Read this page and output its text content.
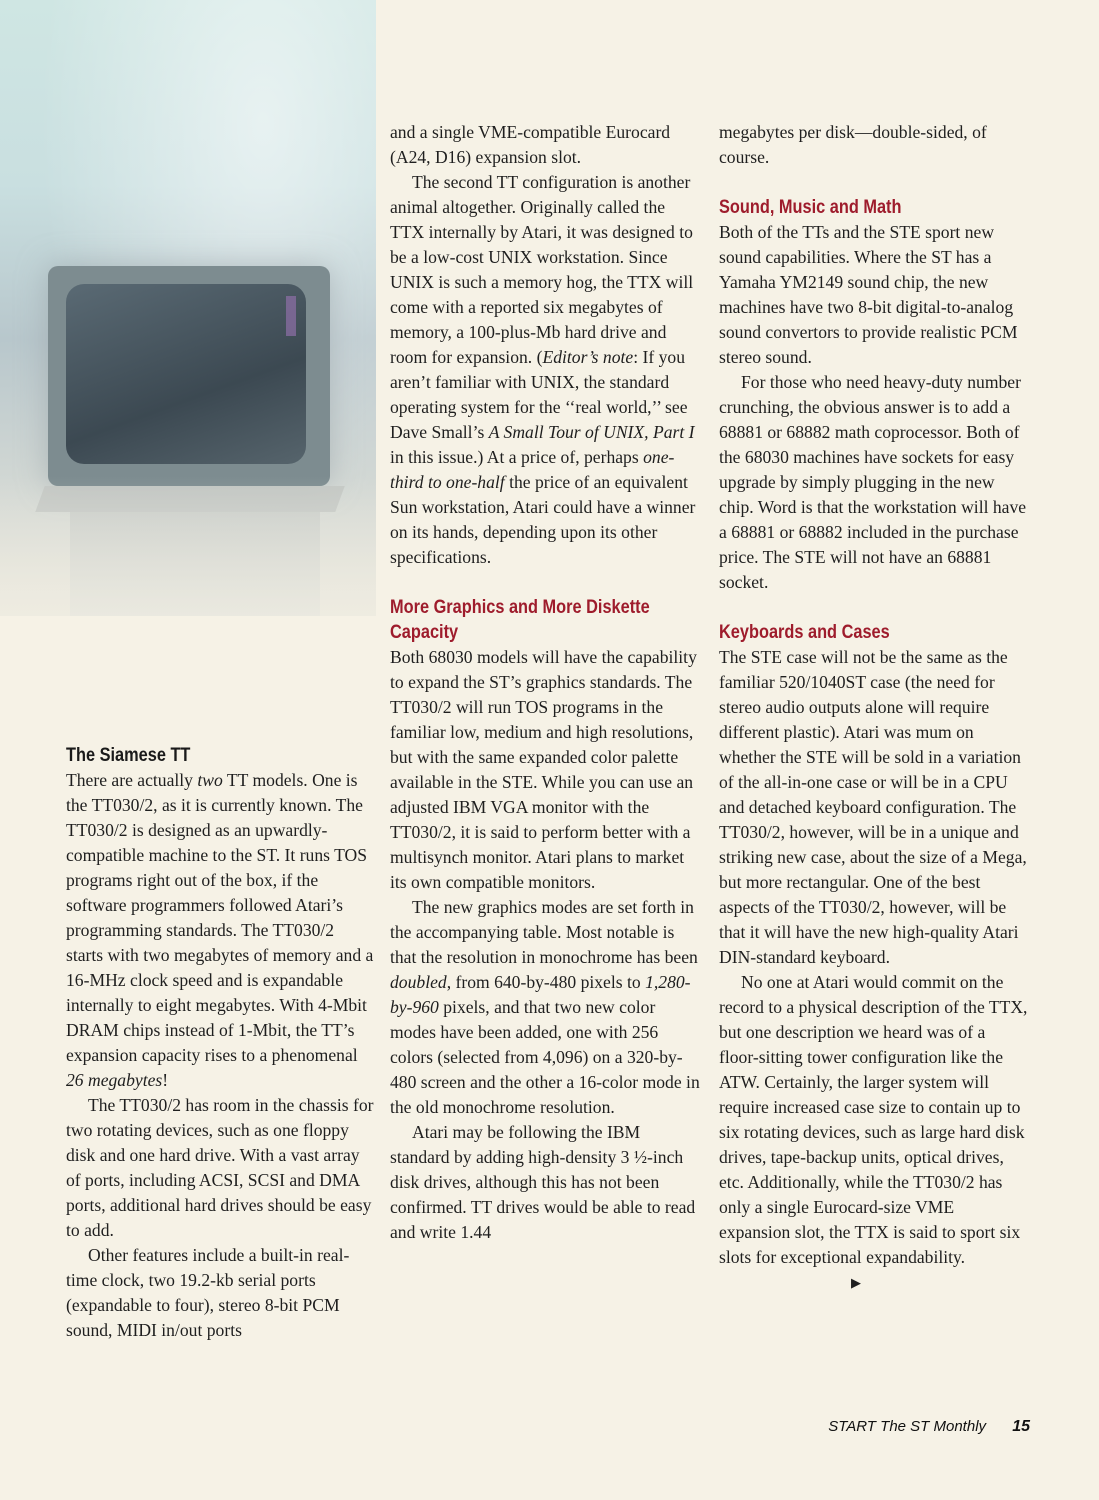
The Siamese TT

There are actually two TT models. One is the TT030/2, as it is currently known. The TT030/2 is designed as an upwardly-compatible machine to the ST. It runs TOS programs right out of the box, if the software programmers followed Atari’s programming standards. The TT030/2 starts with two megabytes of memory and a 16-MHz clock speed and is expandable internally to eight megabytes. With 4-Mbit DRAM chips instead of 1-Mbit, the TT’s expansion capacity rises to a phenomenal 26 megabytes!

The TT030/2 has room in the chassis for two rotating devices, such as one floppy disk and one hard drive. With a vast array of ports, including ACSI, SCSI and DMA ports, additional hard drives should be easy to add.

Other features include a built-in real-time clock, two 19.2-kb serial ports (expandable to four), stereo 8-bit PCM sound, MIDI in/out ports

and a single VME-compatible Eurocard (A24, D16) expansion slot.

The second TT configuration is another animal altogether. Originally called the TTX internally by Atari, it was designed to be a low-cost UNIX workstation. Since UNIX is such a memory hog, the TTX will come with a reported six megabytes of memory, a 100-plus-Mb hard drive and room for expansion. (Editor’s note: If you aren’t familiar with UNIX, the standard operating system for the ‘‘real world,’’ see Dave Small’s A Small Tour of UNIX, Part I in this issue.) At a price of, perhaps one-third to one-half the price of an equivalent Sun workstation, Atari could have a winner on its hands, depending upon its other specifications.

More Graphics and More Diskette Capacity

Both 68030 models will have the capability to expand the ST’s graphics standards. The TT030/2 will run TOS programs in the familiar low, medium and high resolutions, but with the same expanded color palette available in the STE. While you can use an adjusted IBM VGA monitor with the TT030/2, it is said to perform better with a multisynch monitor. Atari plans to market its own compatible monitors.

The new graphics modes are set forth in the accompanying table. Most notable is that the resolution in monochrome has been doubled, from 640-by-480 pixels to 1,280-by-960 pixels, and that two new color modes have been added, one with 256 colors (selected from 4,096) on a 320-by-480 screen and the other a 16-color mode in the old monochrome resolution.

Atari may be following the IBM standard by adding high-density 3 ½-inch disk drives, although this has not been confirmed. TT drives would be able to read and write 1.44

megabytes per disk—double-sided, of course.

Sound, Music and Math

Both of the TTs and the STE sport new sound capabilities. Where the ST has a Yamaha YM2149 sound chip, the new machines have two 8-bit digital-to-analog sound convertors to provide realistic PCM stereo sound.

For those who need heavy-duty number crunching, the obvious answer is to add a 68881 or 68882 math coprocessor. Both of the 68030 machines have sockets for easy upgrade by simply plugging in the new chip. Word is that the workstation will have a 68881 or 68882 included in the purchase price. The STE will not have an 68881 socket.

Keyboards and Cases

The STE case will not be the same as the familiar 520/1040ST case (the need for stereo audio outputs alone will require different plastic). Atari was mum on whether the STE will be sold in a variation of the all-in-one case or will be in a CPU and detached keyboard configuration. The TT030/2, however, will be in a unique and striking new case, about the size of a Mega, but more rectangular. One of the best aspects of the TT030/2, however, will be that it will have the new high-quality Atari DIN-standard keyboard.

No one at Atari would commit on the record to a physical description of the TTX, but one description we heard was of a floor-sitting tower configuration like the ATW. Certainly, the larger system will require increased case size to contain up to six rotating devices, such as large hard disk drives, tape-backup units, optical drives, etc. Additionally, while the TT030/2 has only a single Eurocard-size VME expansion slot, the TTX is said to sport six slots for exceptional expandability.▶

START The ST Monthly 15
